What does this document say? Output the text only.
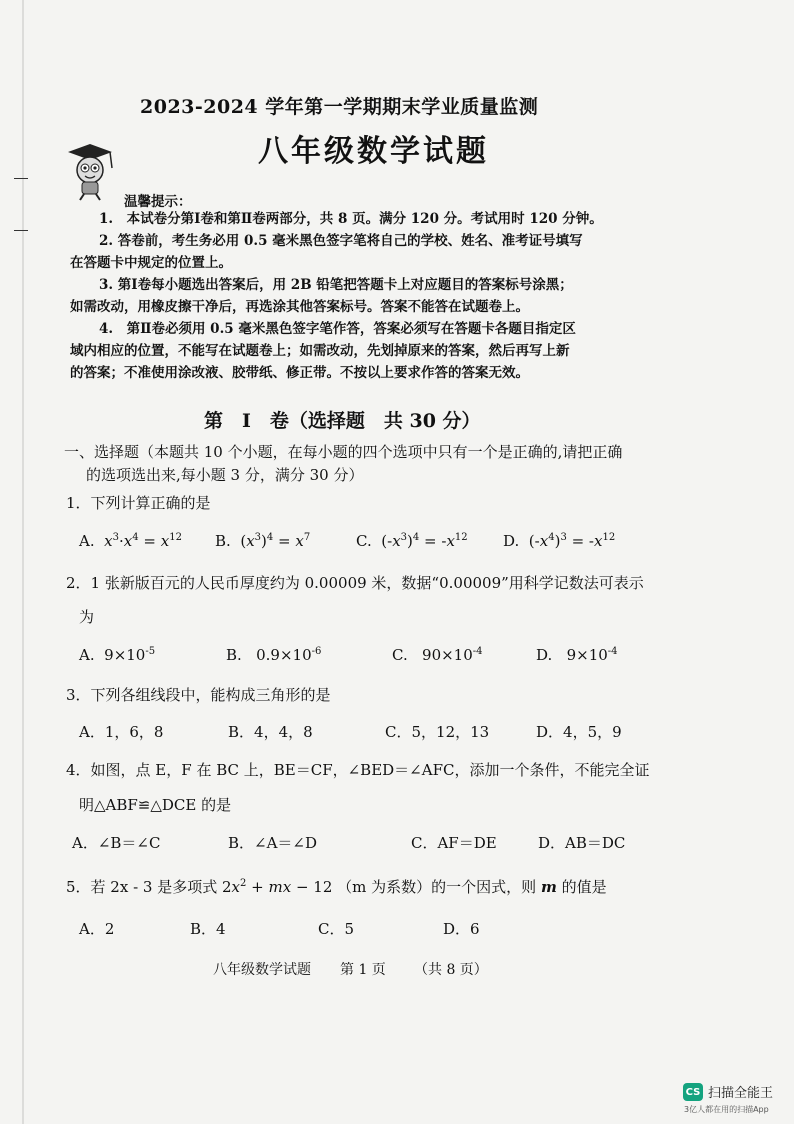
2023-2024 学年第一学期期末学业质量监测
八年级数学试题
温馨提示：
1.　本试卷分第Ⅰ卷和第Ⅱ卷两部分，共 8 页。满分 120 分。考试用时 120 分钟。
2. 答卷前，考生务必用 0.5 毫米黑色签字笔将自己的学校、姓名、准考证号填写
在答题卡中规定的位置上。
3. 第Ⅰ卷每小题选出答案后，用 2B 铅笔把答题卡上对应题目的答案标号涂黑；
如需改动，用橡皮擦干净后，再选涂其他答案标号。答案不能答在试题卷上。
4.　第Ⅱ卷必须用 0.5 毫米黑色签字笔作答，答案必须写在答题卡各题目指定区
域内相应的位置，不能写在试题卷上；如需改动，先划掉原来的答案，然后再写上新
的答案；不准使用涂改液、胶带纸、修正带。不按以上要求作答的答案无效。
第　Ⅰ　卷（选择题　共 30 分）
一、选择题（本题共 10 个小题，在每小题的四个选项中只有一个是正确的,请把正确
的选项选出来,每小题 3 分，满分 30 分）
1．下列计算正确的是
A. $x^3\cdot x^4 = x^{12}$ B.  $(x^3)^4 = x^7$	C.  $(-x^3)^4 = -x^{12}$ D.  $(-x^4)^3 = -x^{12}$
2．1 张新版百元的人民币厚度约为 0.00009 米，数据“0.00009”用科学记数法可表示
为
A. $9\times 10^{-5}$	B. $0.9\times 10^{-6}$	C. $90\times 10^{-4}$	D. $9\times 10^{-4}$
3．下列各组线段中，能构成三角形的是
A．1，6，8	B．4，4，8	C．5，12，13	D．4，5，9
4．如图，点 E，F 在 BC 上，BE＝CF，∠BED＝∠AFC，添加一个条件，不能完全证
明△ABF≌△DCE 的是
A．∠B＝∠C	B．∠A＝∠D	C．AF＝DE	D．AB＝DC
5．若 2x - 3 是多项式 $2x^2$ + mx − 12 （m 为系数）的一个因式，则 m 的值是
A．2	B．4	C．5	D．6
八年级数学试题 第 1 页 （共 8 页）
CS 扫描全能王
3亿人都在用的扫描App
